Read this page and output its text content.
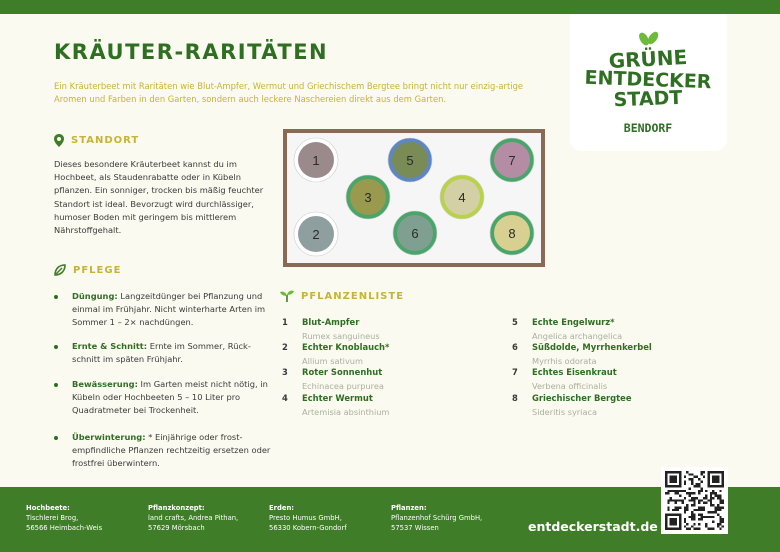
KRÄUTER-RARITÄTEN

Ein Kräuterbeet mit Raritäten wie Blut-Ampfer, Wermut und Griechischem Bergtee bringt nicht nur einzig-artige Aromen und Farben in den Garten, sondern auch leckere Naschereien direkt aus dem Garten.

GRÜNE
ENTDECKER
STADT
BENDORF
STANDORT

Dieses besondere Kräuterbeet kannst du im Hochbeet, als Staudenrabatte oder in Kübeln pflanzen. Ein sonniger, trocken bis mäßig feuchter Standort ist ideal. Bevorzugt wird durchlässiger, humoser Boden mit geringem bis mittlerem Nährstoffgehalt.

PFLEGE
Düngung: Langzeitdünger bei Pflanzung und einmal im Frühjahr. Nicht winterharte Arten im Sommer 1 – 2× nachdüngen.
Ernte & Schnitt: Ernte im Sommer, Rück-schnitt im späten Frühjahr.
Bewässerung: Im Garten meist nicht nötig, in Kübeln oder Hochbeeten 5 – 10 Liter pro Quadratmeter bei Trockenheit.
Überwinterung: * Einjährige oder frost-empfindliche Pflanzen rechtzeitig ersetzen oder frostfrei überwintern.
1
2
3	4
5
6
7
8
PFLANZENLISTE
1	Blut-Ampfer
Rumex sanguineus
2	Echter Knoblauch*
Allium sativum
3	Roter Sonnenhut
Echinacea purpurea
4	Echter Wermut
Artemisia absinthium
5	Echte Engelwurz*
Angelica archangelica
6	Süßdolde, Myrrhenkerbel
Myrrhis odorata
7	Echtes Eisenkraut
Verbena officinalis
8	Griechischer Bergtee
Sideritis syriaca
Hochbeete:
Tischlerei Brog,
56566 Heimbach-Weis
Pflanzkonzept:
land crafts, Andrea Pithan,
57629 Mörsbach
Erden:
Presto Humus GmbH,
56330 Kobern-Gondorf
Pflanzen:
Pflanzenhof Schürg GmbH,
57537 Wissen	entdeckerstadt.de
